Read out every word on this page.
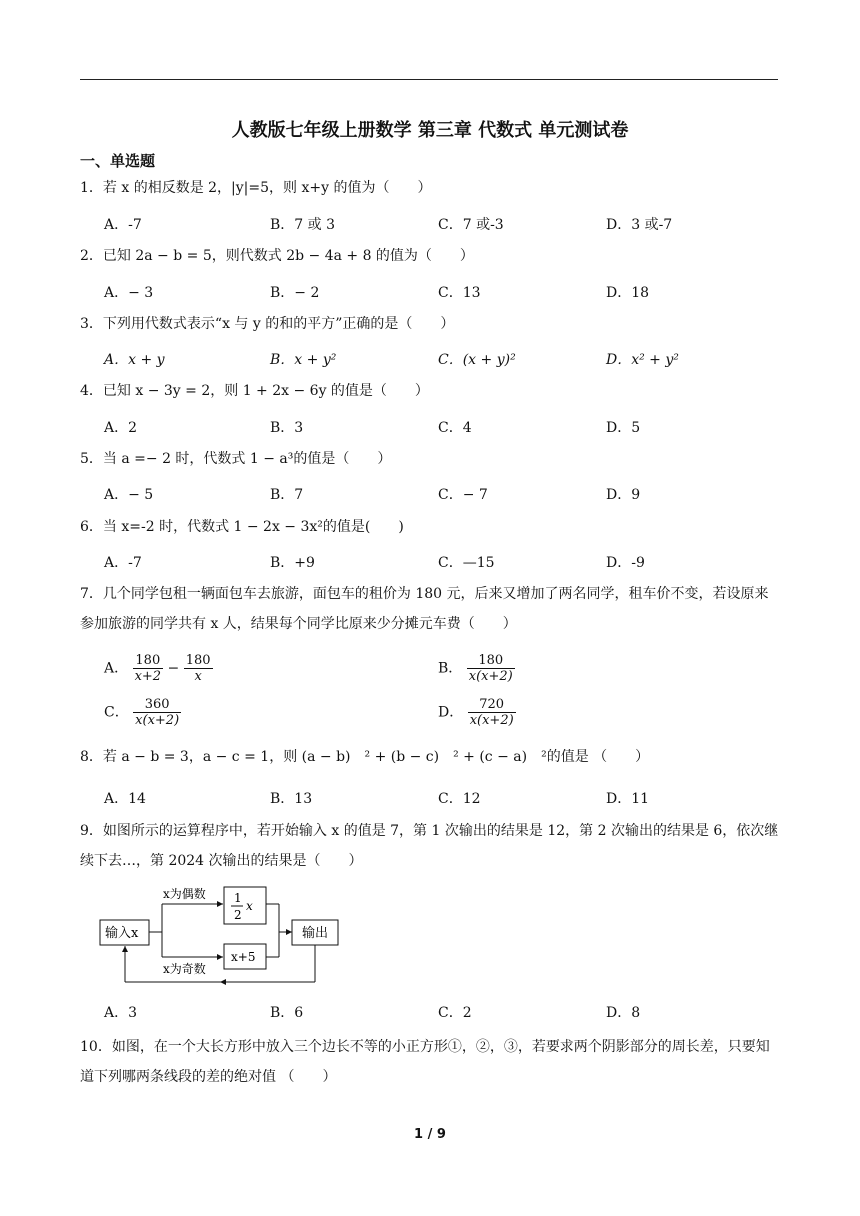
人教版七年级上册数学 第三章 代数式 单元测试卷
一、单选题
1．若 x 的相反数是 2，|y|=5，则 x+y 的值为（　　）
A．-7	B．7 或 3	C．7 或-3	D．3 或-7
2．已知 2a − b = 5，则代数式 2b − 4a + 8 的值为（　　）
A．− 3	B．− 2	C．13	D．18
3．下列用代数式表示“x 与 y 的和的平方”正确的是（　　）
A．x + y	B．x + y²	C．(x + y)²	D．x² + y²
4．已知 x − 3y = 2，则 1 + 2x − 6y 的值是（　　）
A．2	B．3	C．4	D．5
5．当 a =− 2 时，代数式 1 − a³的值是（　　）
A．− 5	B．7	C．− 7	D．9
6．当 x=-2 时，代数式 1 − 2x − 3x²的值是(　　)
A．-7	B．+9	C．—15	D．-9
7．几个同学包租一辆面包车去旅游，面包车的租价为 180 元，后来又增加了两名同学，租车价不变，若设原来参加旅游的同学共有 x 人，结果每个同学比原来少分摊元车费（　　）
A． $\frac{180}{x+2} - \frac{180}{x}$	B． $\frac{180}{x(x+2)}$
C． $\frac{360}{x(x+2)}$	D． $\frac{720}{x(x+2)}$
8．若 a − b = 3，a − c = 1，则 (a − b)　² + (b − c)　² + (c − a)　²的值是 （　　）
A．14	B．13	C．12	D．11
9．如图所示的运算程序中，若开始输入 x 的值是 7，第 1 次输出的结果是 12，第 2 次输出的结果是 6，依次继续下去…，第 2024 次输出的结果是（　　）
输入x
x为偶数
x为奇数
1
2
x
x+5
输出
A．3	B．6	C．2	D．8
10．如图，在一个大长方形中放入三个边长不等的小正方形①，②，③，若要求两个阴影部分的周长差，只要知道下列哪两条线段的差的绝对值 （　　）
1 / 9
